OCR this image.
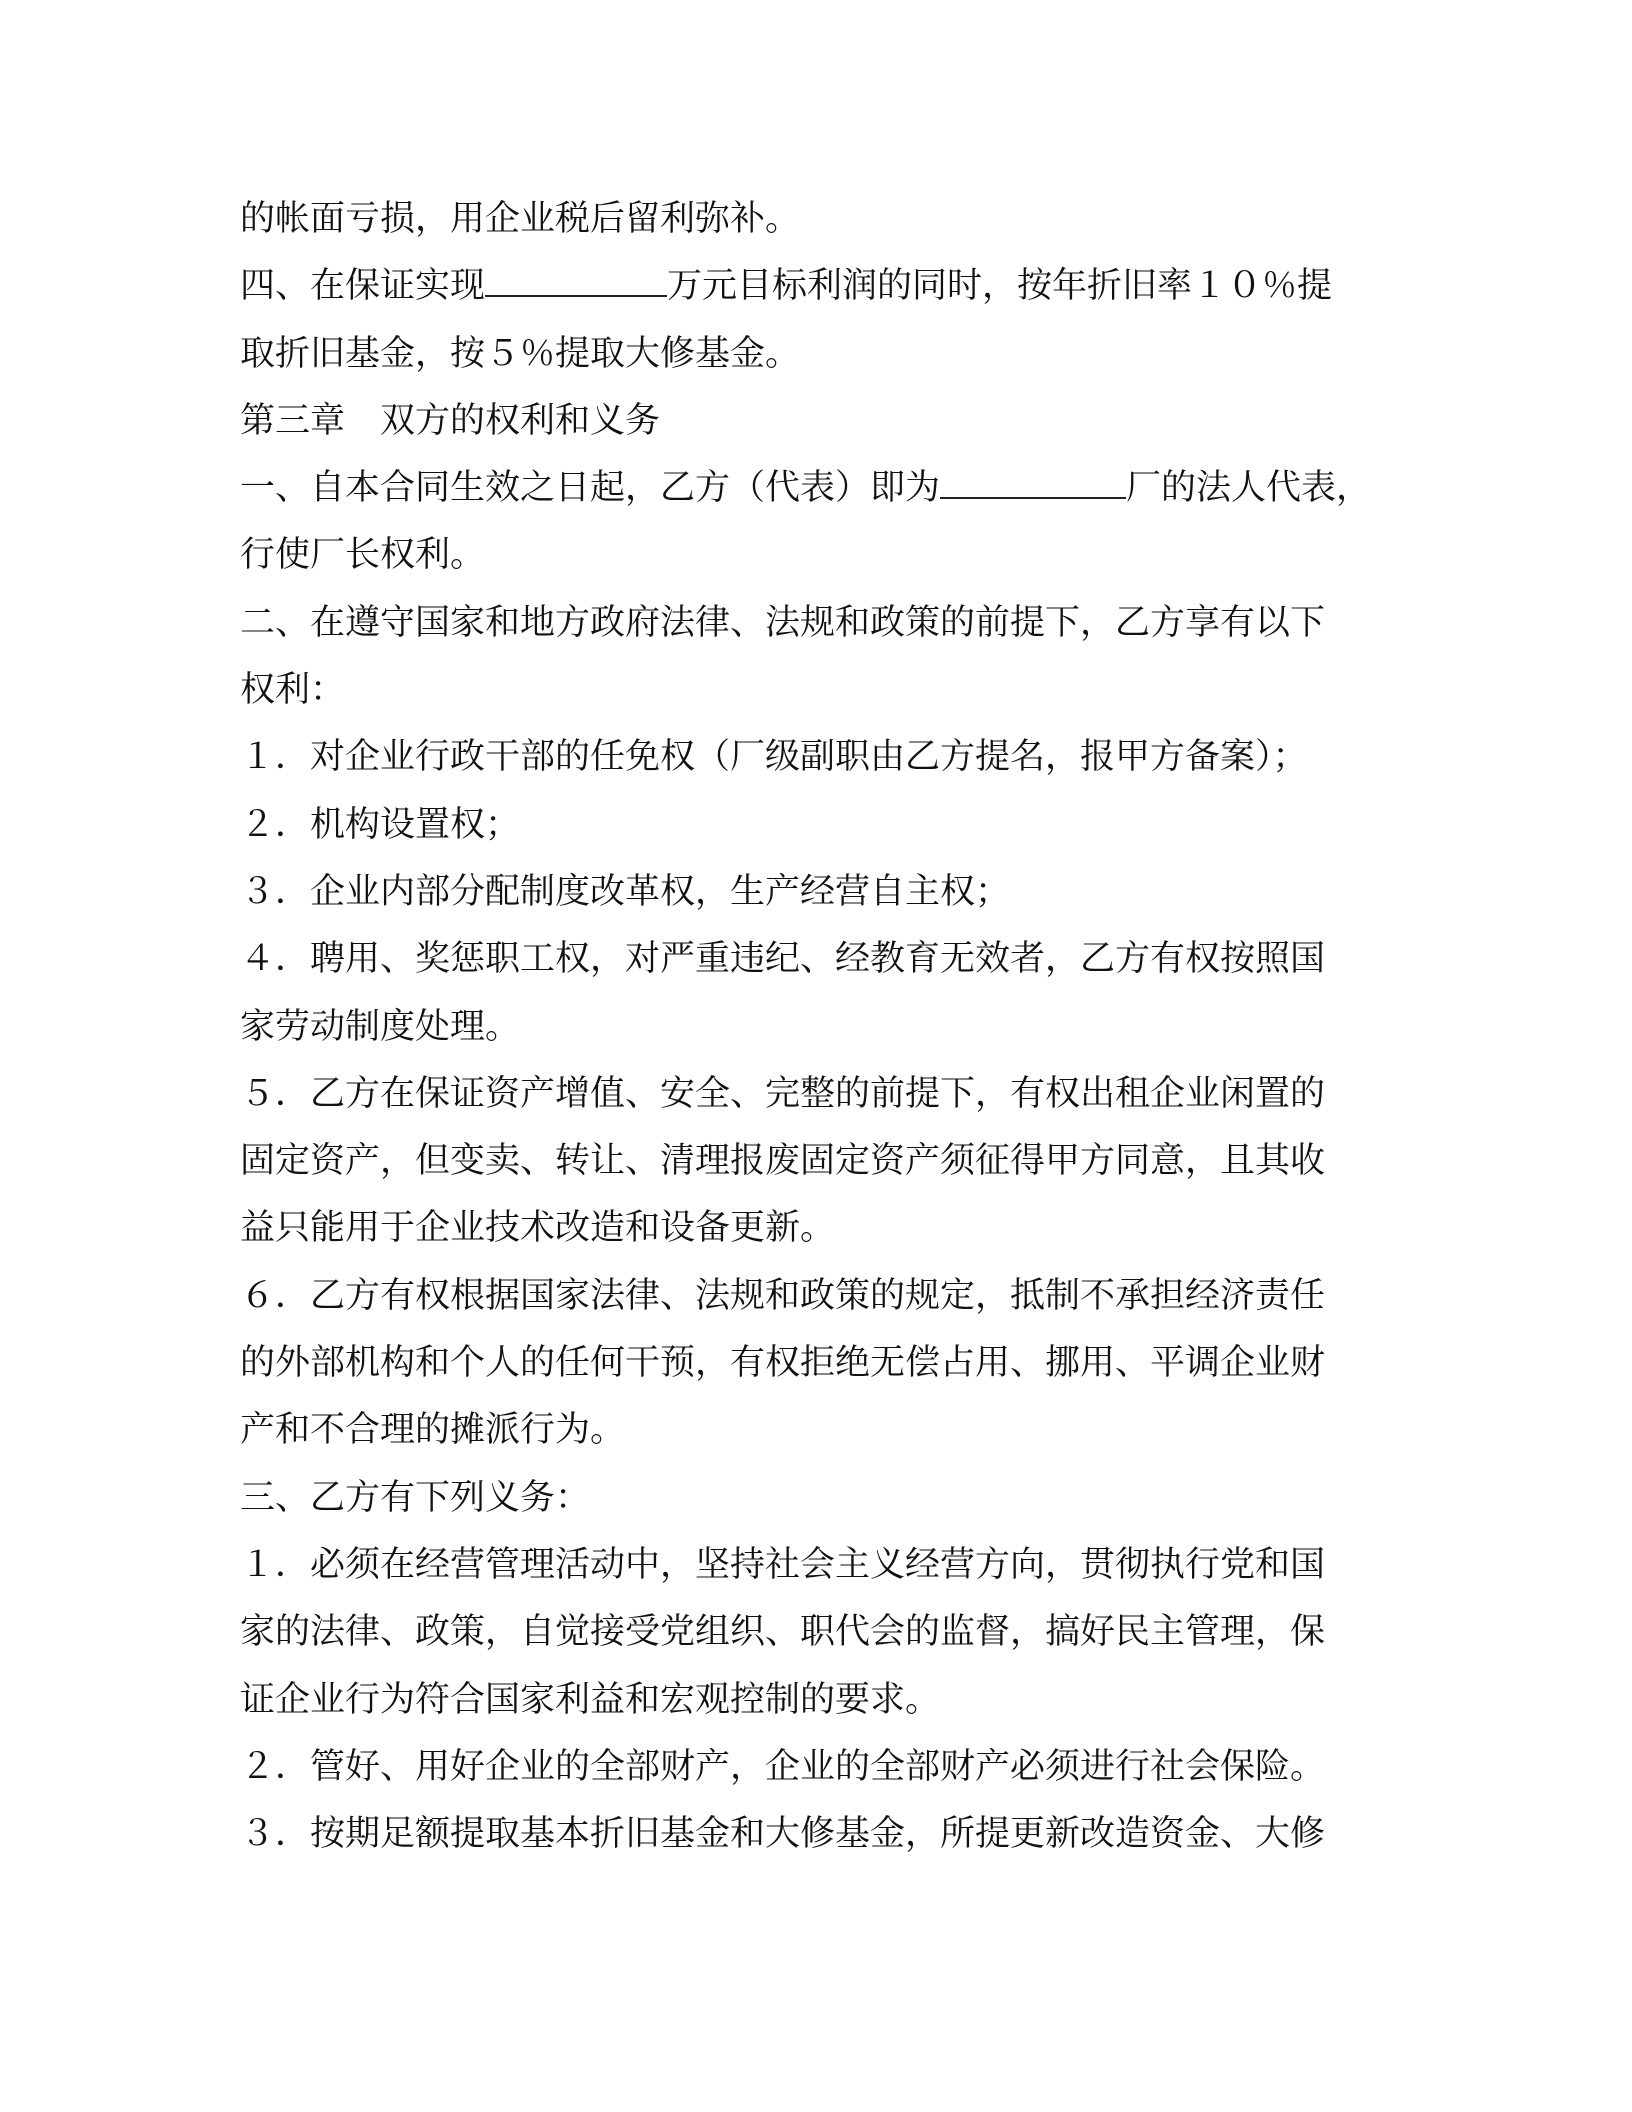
的帐面亏损，用企业税后留利弥补。
四、在保证实现	万元目标利润的同时，按年折旧率１０％提
取折旧基金，按５％提取大修基金。
第三章　双方的权利和义务
一、自本合同生效之日起，乙方（代表）即为	厂的法人代表，
行使厂长权利。
二、在遵守国家和地方政府法律、法规和政策的前提下，乙方享有以下
权利：
１．对企业行政干部的任免权（厂级副职由乙方提名，报甲方备案）；
２．机构设置权；
３．企业内部分配制度改革权，生产经营自主权；
４．聘用、奖惩职工权，对严重违纪、经教育无效者，乙方有权按照国
家劳动制度处理。
５．乙方在保证资产增值、安全、完整的前提下，有权出租企业闲置的
固定资产，但变卖、转让、清理报废固定资产须征得甲方同意，且其收
益只能用于企业技术改造和设备更新。
６．乙方有权根据国家法律、法规和政策的规定，抵制不承担经济责任
的外部机构和个人的任何干预，有权拒绝无偿占用、挪用、平调企业财
产和不合理的摊派行为。
三、乙方有下列义务：
１．必须在经营管理活动中，坚持社会主义经营方向，贯彻执行党和国
家的法律、政策，自觉接受党组织、职代会的监督，搞好民主管理，保
证企业行为符合国家利益和宏观控制的要求。
２．管好、用好企业的全部财产，企业的全部财产必须进行社会保险。
３．按期足额提取基本折旧基金和大修基金，所提更新改造资金、大修
